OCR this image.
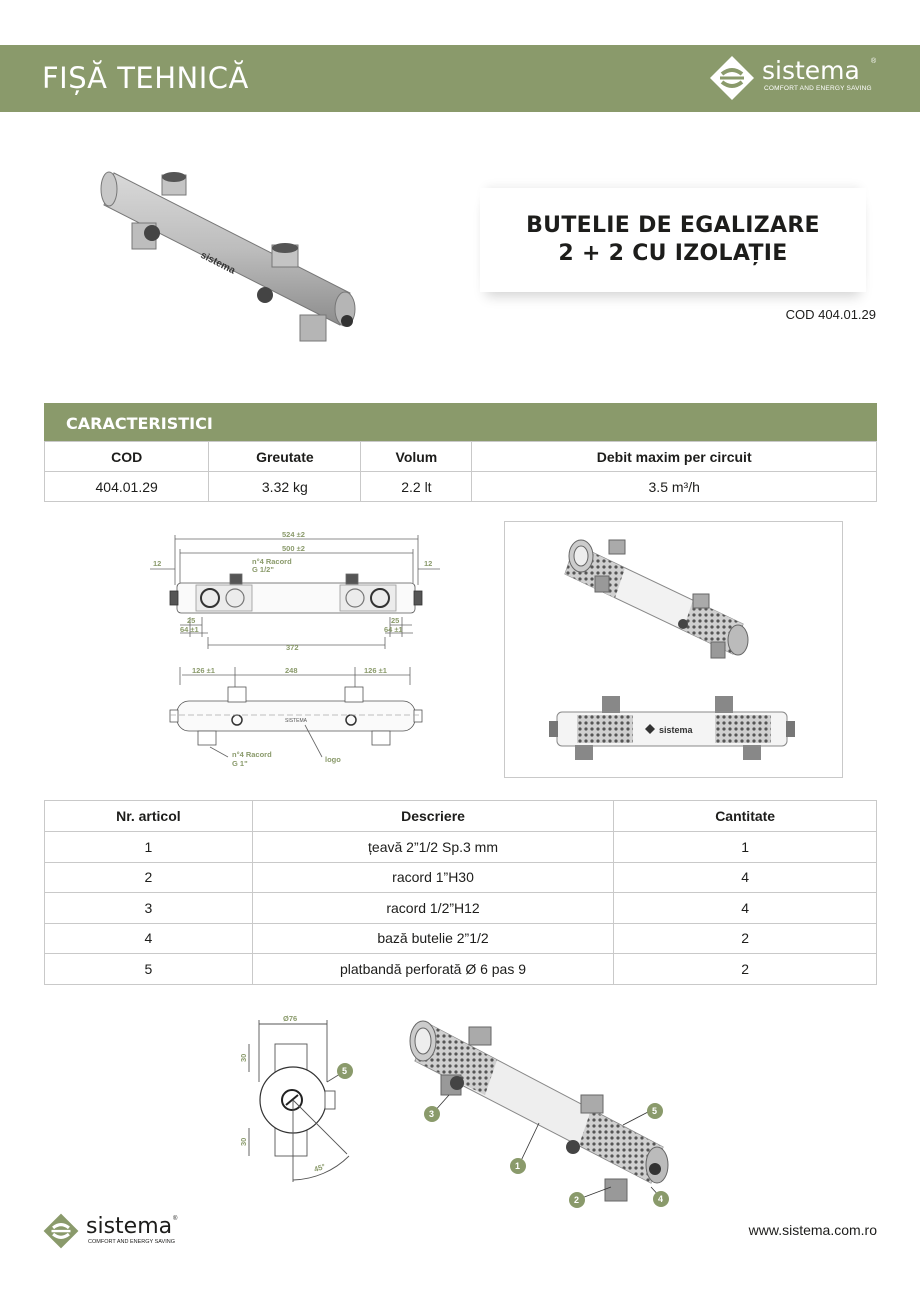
FIȘĂ TEHNICĂ	sistema ®
COMFORT AND ENERGY SAVING
sistema
BUTELIE DE EGALIZARE
2 + 2 CU IZOLAȚIE
COD 404.01.29
CARACTERISTICI
COD	Greutate	Volum	Debit maxim per circuit
404.01.29	3.32 kg	2.2 lt	3.5 m³/h
524 ±2
500 ±2
12	12
n°4 Racord
G 1/2"
25	25
64 ±1	64 ±1
372
126 ±1	248	126 ±1
SISTEMA
n°4 Racord
G 1"	logo
sistema
Nr. articol	Descriere	Cantitate
1	țeavă 2”1/2 Sp.3 mm	1
2	racord 1”H30	4
3	racord 1/2”H12	4
4	bază butelie 2”1/2	2
5	platbandă perforată Ø 6 pas 9	2
Ø76
30
30
45°
5
1
2
3
4
5
sistema ®
COMFORT AND ENERGY SAVING
www.sistema.com.ro
